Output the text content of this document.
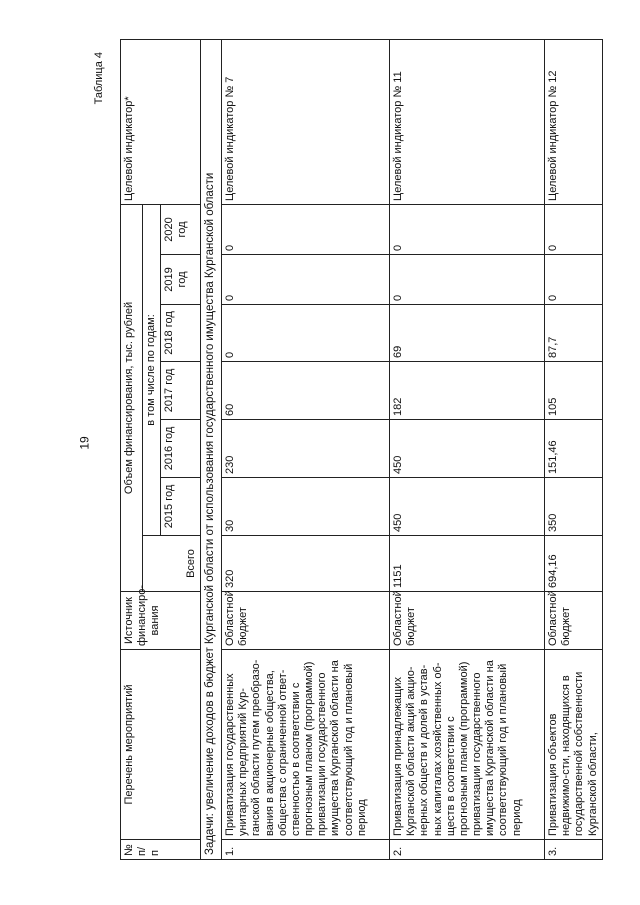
19
Таблица 4
№ п/п	Перечень мероприятий	Источник финансиро-вания	Объем финансирования, тыс. рублей							Целевой индикатор*
			Всего	в том числе по годам:						
				2015 год	2016 год	2017 год	2018 год	2019 год	2020 год	
Задачи: увеличение доходов в бюджет Курганской области от использования государственного имущества Курганской области										
1.	Приватизация государственных унитарных предприятий Кур-ганской области путем преобразо-вания в акционерные общества, общества с ограниченной ответ-ственностью в соответствии с прогнозным планом (программой) приватизации государственного имущества Курганской области на соответствующий год и плановый период	Областной бюджет	320	30	230	60	0	0	0	Целевой индикатор № 7
2.	Приватизация принадлежащих Курганской области акций акцио-нерных обществ и долей в устав-ных капиталах хозяйственных об-ществ в соответствии с прогнозным планом (программой) приватизации государственного имущества Курганской области на соответствующий год и плановый период	Областной бюджет	1151	450	450	182	69	0	0	Целевой индикатор № 11
3.	Приватизация объектов недвижимо-сти, находящихся в государственной собственности Курганской области,	Областной бюджет	694,16	350	151,46	105	87,7	0	0	Целевой индикатор № 12
